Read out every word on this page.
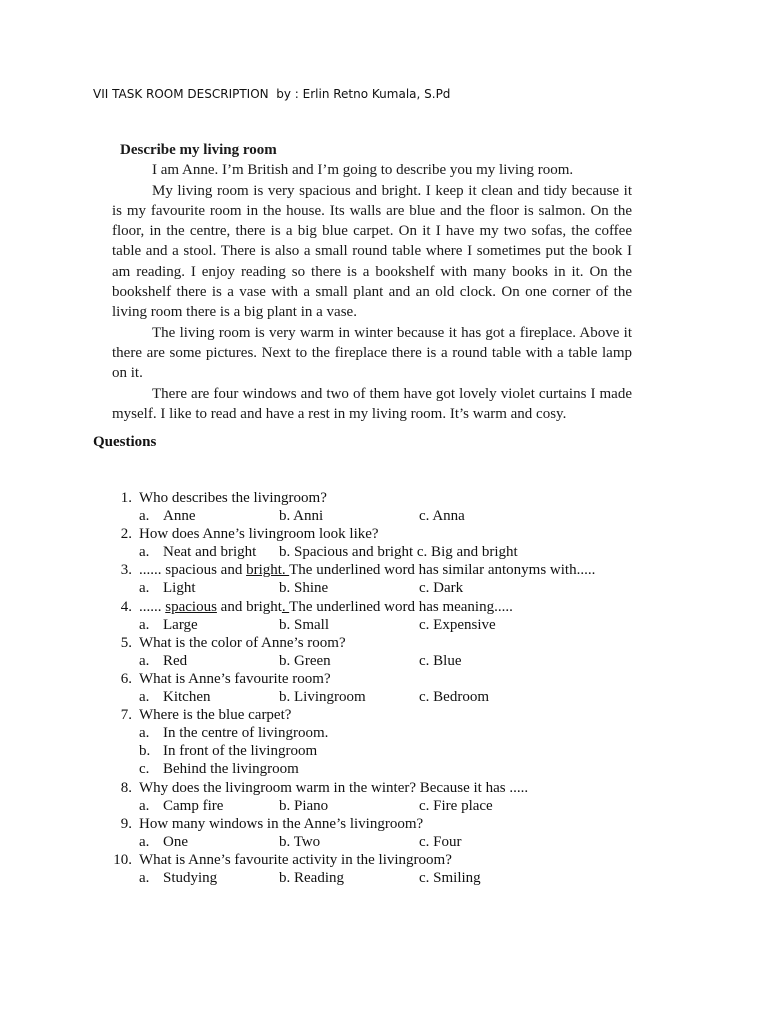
VII TASK ROOM DESCRIPTION  by : Erlin Retno Kumala, S.Pd

Describe my living room

I am Anne. I’m British and I’m going to describe you my living room.

My living room is very spacious and bright. I keep it clean and tidy because it is my favourite room in the house. Its walls are blue and the floor is salmon. On the floor, in the centre, there is a big blue carpet. On it I have my two sofas, the coffee table and a stool. There is also a small round table where I sometimes put the book I am reading. I enjoy reading so there is a bookshelf with many books in it. On the bookshelf there is a vase with a small plant and an old clock. On one corner of the living room there is a big plant in a vase.

The living room is very warm in winter because it has got a fireplace. Above it there are some pictures. Next to the fireplace there is a round table with a table lamp on it.

There are four windows and two of them have got lovely violet curtains I made myself. I like to read and have a rest in my living room. It’s warm and cosy.

Questions
1. Who describes the livingroom?
a. Anne	b. Anni	c. Anna
2. How does Anne’s livingroom look like?
a. Neat and bright b. Spacious and bright c. Big and bright
3. ...... spacious and bright. The underlined word has similar antonyms with.....
a. Light	b. Shine	c. Dark
4. ...... spacious and bright. The underlined word has meaning.....
a. Large	b. Small	c. Expensive
5. What is the color of Anne’s room?
a. Red	b. Green	c. Blue
6. What is Anne’s favourite room?
a. Kitchen	b. Livingroom	c. Bedroom
7. Where is the blue carpet?
a. In the centre of livingroom.
b. In front of the livingroom
c. Behind the livingroom
8. Why does the livingroom warm in the winter? Because it has .....
a. Camp fire	b. Piano	c. Fire place
9. How many windows in the Anne’s livingroom?
a. One	b. Two	c. Four
10. What is Anne’s favourite activity in the livingroom?
a. Studying	b. Reading	c. Smiling
